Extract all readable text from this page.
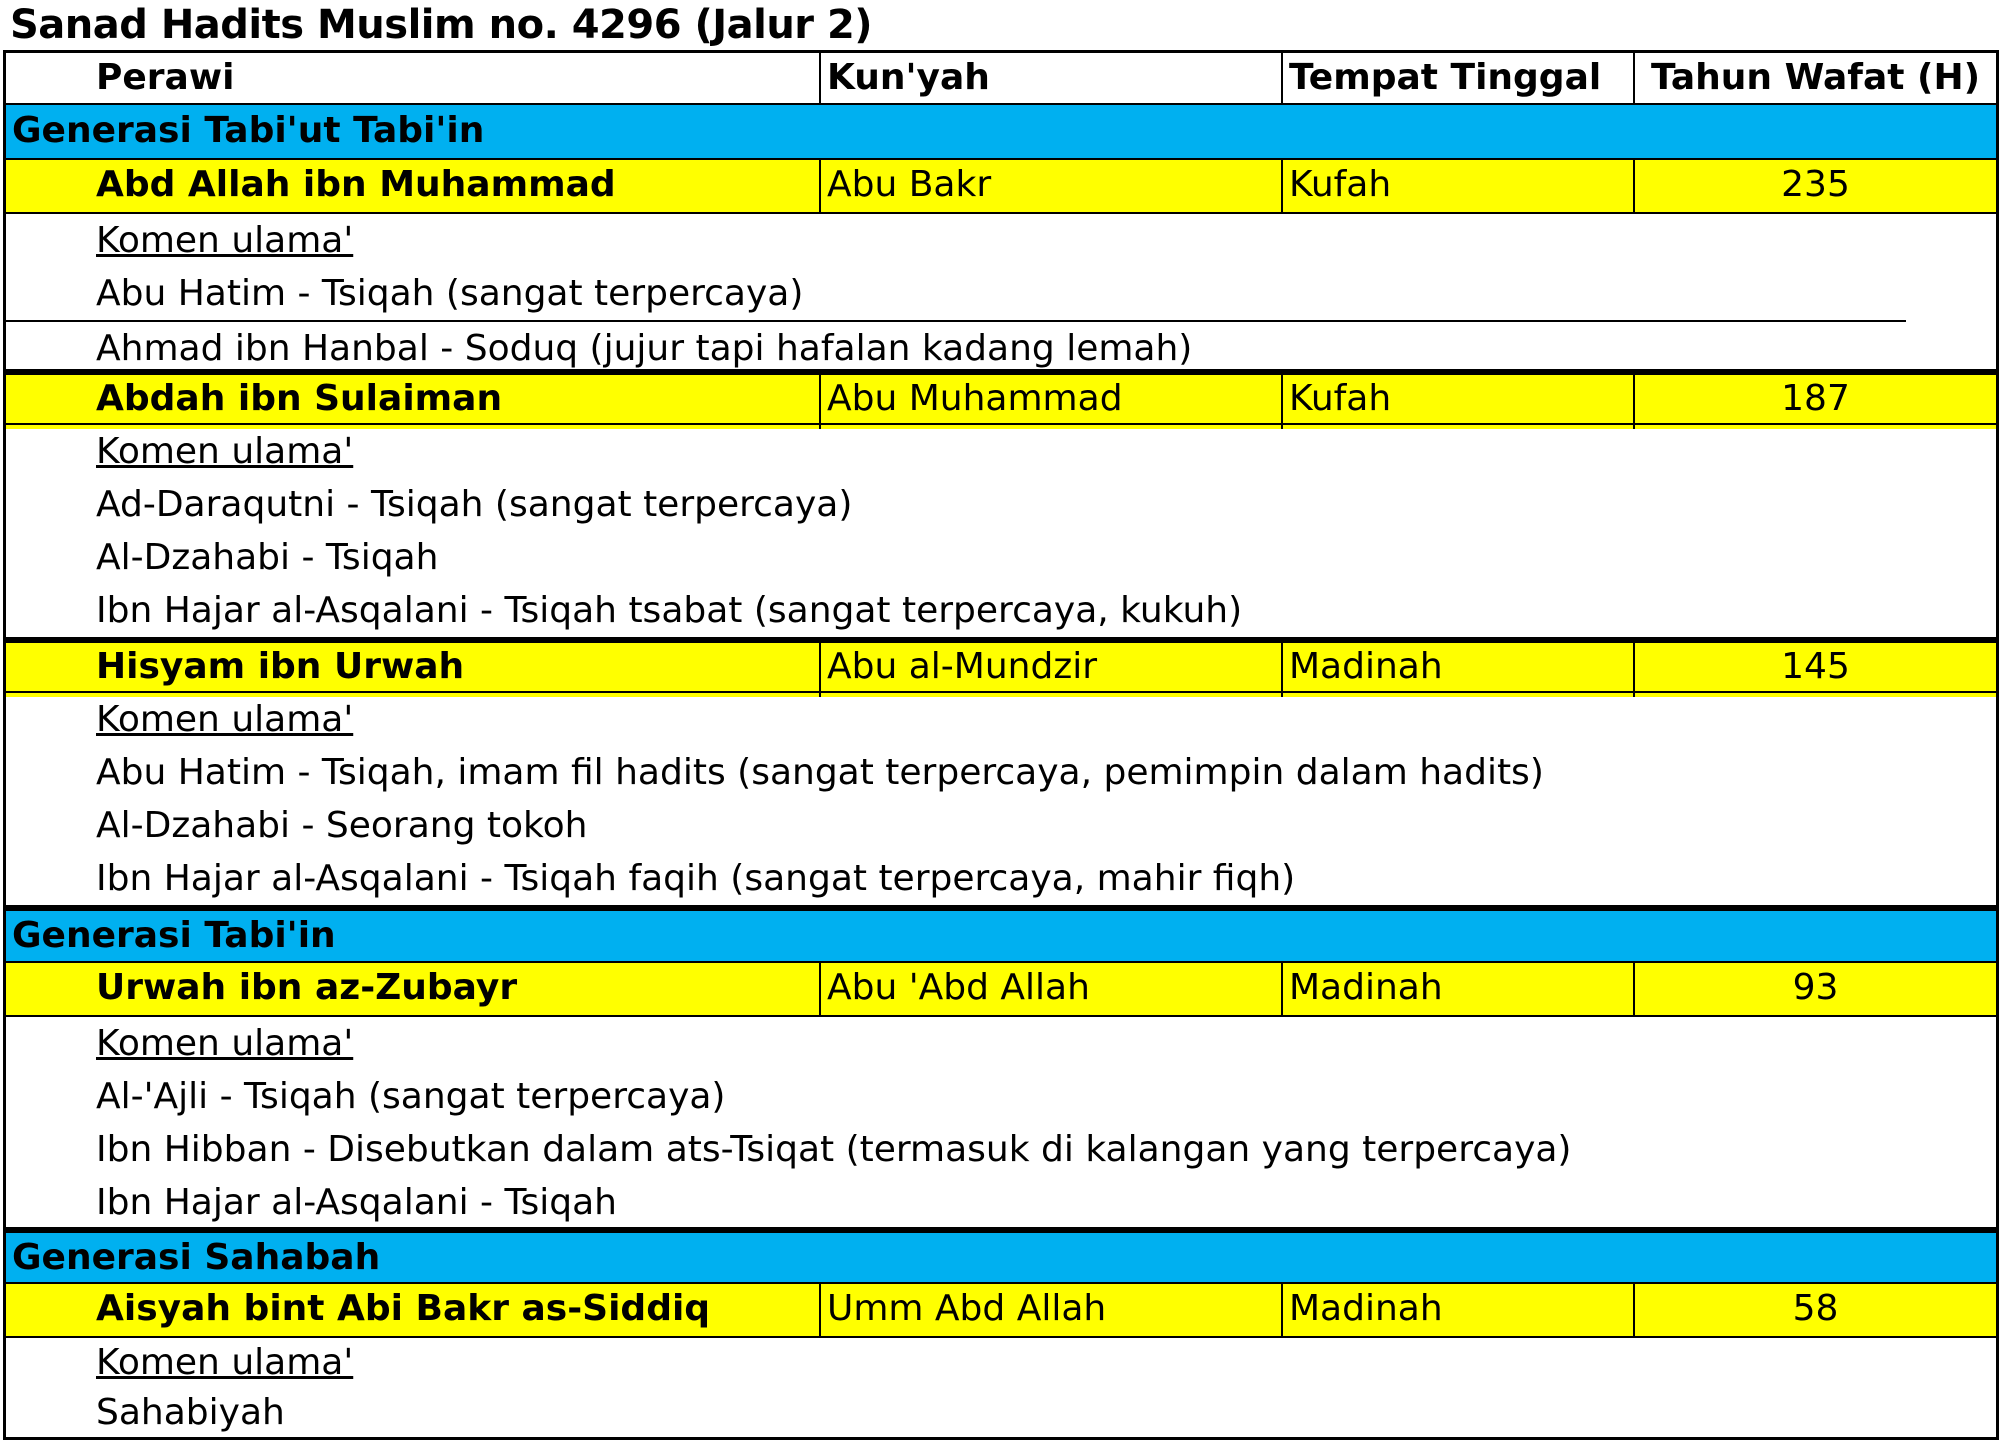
Sanad Hadits Muslim no. 4296 (Jalur 2)
Perawi	Kun'yah	Tempat Tinggal	Tahun Wafat (H)
Generasi Tabi'ut Tabi'in
Abd Allah ibn Muhammad	Abu Bakr	Kufah	235
Komen ulama'
Abu Hatim - Tsiqah (sangat terpercaya)
Ahmad ibn Hanbal - Soduq (jujur tapi hafalan kadang lemah)
Abdah ibn Sulaiman	Abu Muhammad	Kufah	187
Komen ulama'
Ad-Daraqutni - Tsiqah (sangat terpercaya)
Al-Dzahabi - Tsiqah
Ibn Hajar al-Asqalani - Tsiqah tsabat (sangat terpercaya, kukuh)
Hisyam ibn Urwah	Abu al-Mundzir	Madinah	145
Komen ulama'
Abu Hatim - Tsiqah, imam fil hadits (sangat terpercaya, pemimpin dalam hadits)
Al-Dzahabi - Seorang tokoh
Ibn Hajar al-Asqalani - Tsiqah faqih (sangat terpercaya, mahir fiqh)
Generasi Tabi'in
Urwah ibn az-Zubayr	Abu 'Abd Allah	Madinah	93
Komen ulama'
Al-'Ajli - Tsiqah (sangat terpercaya)
Ibn Hibban - Disebutkan dalam ats-Tsiqat (termasuk di kalangan yang terpercaya)
Ibn Hajar al-Asqalani - Tsiqah
Generasi Sahabah
Aisyah bint Abi Bakr as-Siddiq	Umm Abd Allah	Madinah	58
Komen ulama'
Sahabiyah
